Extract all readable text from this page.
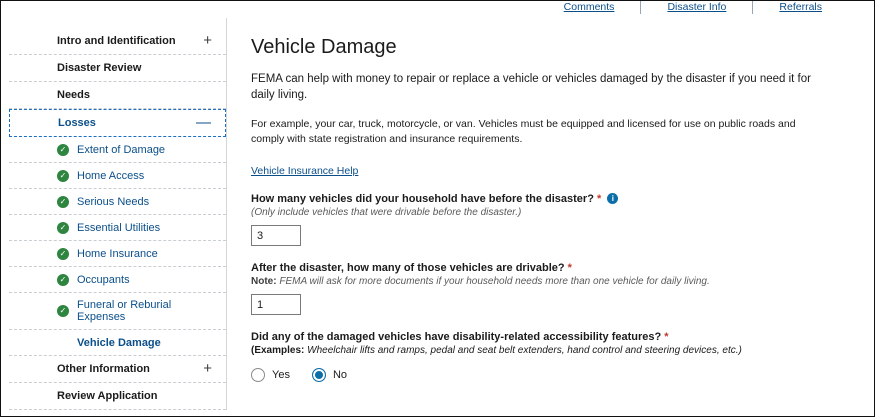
Comments	Disaster Info	Referrals
Intro and Identification +
Disaster Review
Needs
Losses	—
✓ Extent of Damage
✓ Home Access
✓ Serious Needs
✓ Essential Utilities
✓ Home Insurance
✓ Occupants
✓ Funeral or Reburial Expenses
Vehicle Damage
Other Information	+
Review Application
Vehicle Damage

FEMA can help with money to repair or replace a vehicle or vehicles damaged by the disaster if you need it for daily living.

For example, your car, truck, motorcycle, or van. Vehicles must be equipped and licensed for use on public roads and comply with state registration and insurance requirements.

Vehicle Insurance Help
How many vehicles did your household have before the disaster? * i
(Only include vehicles that were drivable before the disaster.)
3
After the disaster, how many of those vehicles are drivable? *
Note: FEMA will ask for more documents if your household needs more than one vehicle for daily living.
1
Did any of the damaged vehicles have disability-related accessibility features? *
(Examples: Wheelchair lifts and ramps, pedal and seat belt extenders, hand control and steering devices, etc.)
Yes	No
